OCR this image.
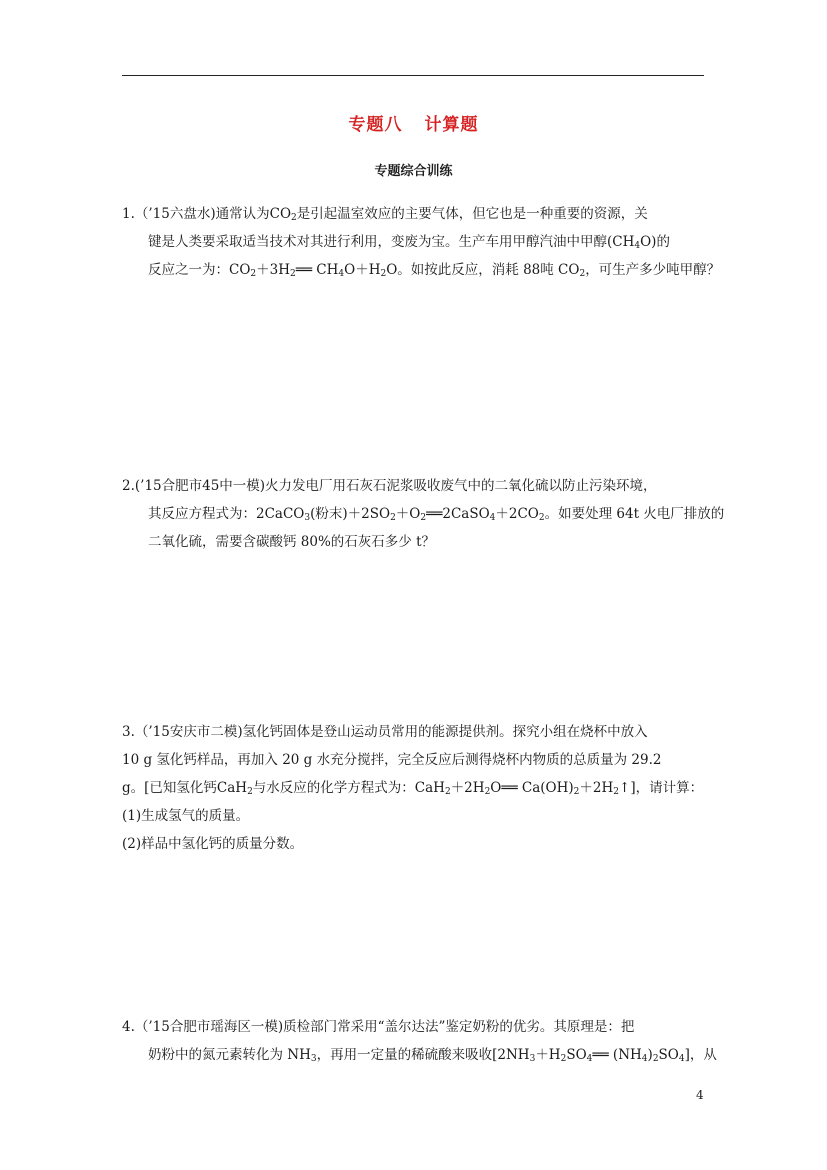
专题八 计算题
专题综合训练
1.（’15六盘水)通常认为$CO_2$是引起温室效应的主要气体，但它也是一种重要的资源，关
键是人类要采取适当技术对其进行利用，变废为宝。生产车用甲醇汽油中甲醇$(CH_4O)$的
反应之一为：$CO_2+3H_2══$ $CH_4O+H_2O$。如按此反应，消耗 88吨 $CO_2$，可生产多少吨甲醇？
2.(’15合肥市45中一模)火力发电厂用石灰石泥浆吸收废气中的二氧化硫以防止污染环境，
其反应方程式为：2CaCO$_3$(粉末)$+2SO_2+O_2══2CaSO_4+2CO_2$。如要处理 64t 火电厂排放的
二氧化硫，需要含碳酸钙 80%的石灰石多少 t？
3.（’15安庆市二模)氢化钙固体是登山运动员常用的能源提供剂。探究小组在烧杯中放入
10 g 氢化钙样品，再加入 20 g 水充分搅拌，完全反应后测得烧杯内物质的总质量为 29.2
g。[已知氢化钙CaH$_2$与水反应的化学方程式为：$CaH_2+2H_2O══$ $Ca(OH)_2+2H_2↑$]，请计算：
(1)生成氢气的质量。
(2)样品中氢化钙的质量分数。
4.（’15合肥市瑶海区一模)质检部门常采用“盖尔达法”鉴定奶粉的优劣。其原理是：把
奶粉中的氮元素转化为 $NH_3$，再用一定量的稀硫酸来吸收[$2NH_3+H_2SO_4══$ $(NH_4)_2SO_4$]，从
4
